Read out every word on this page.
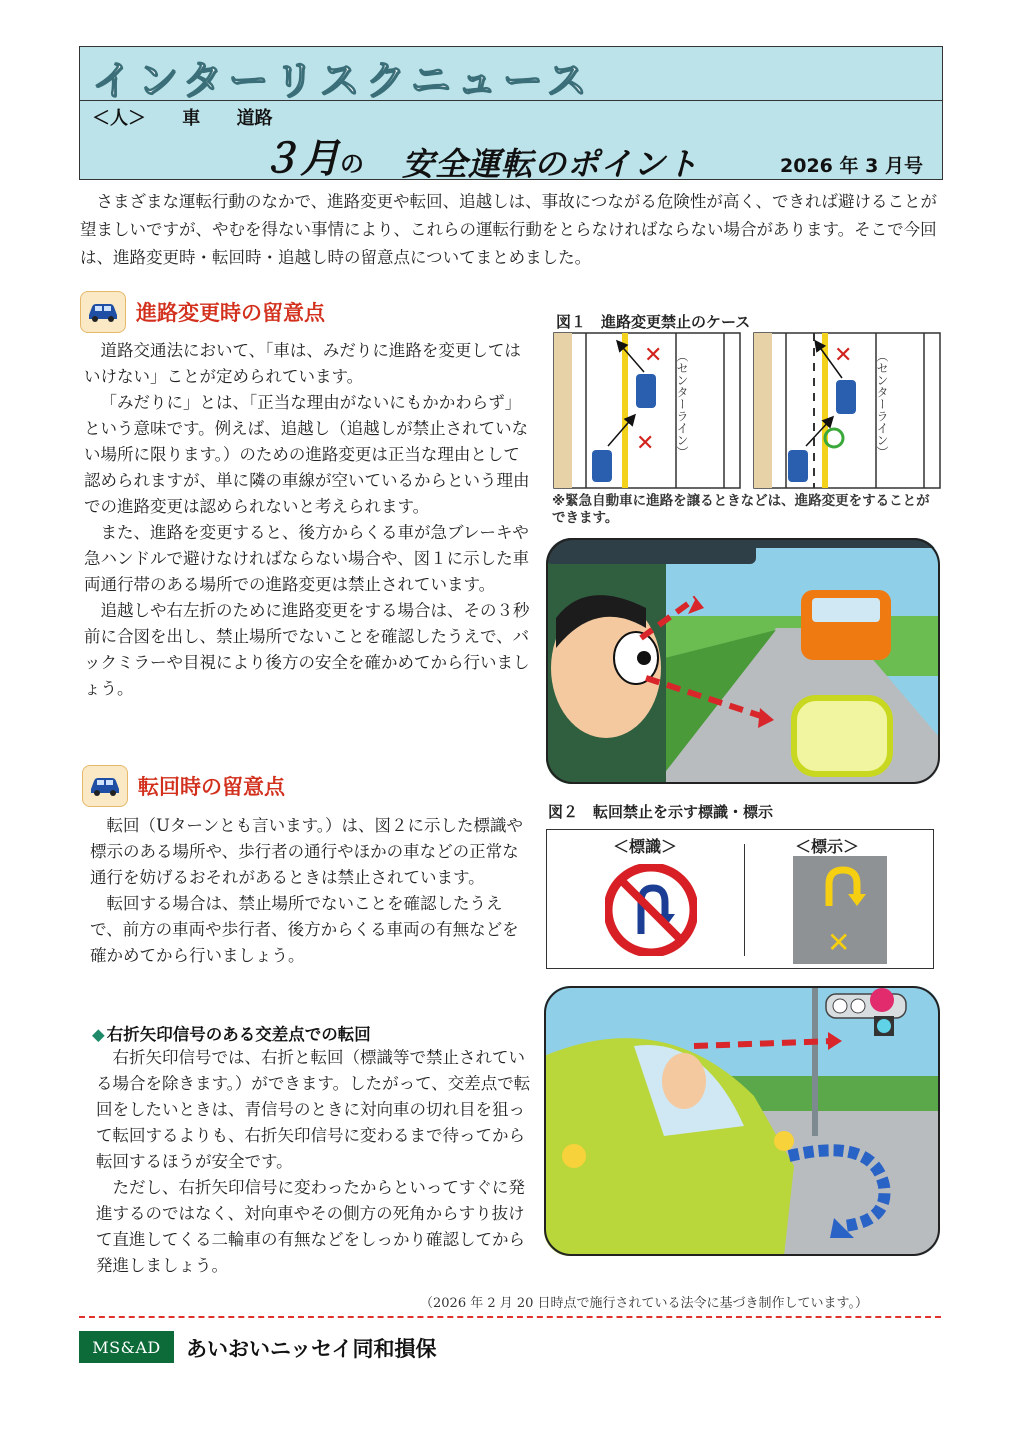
インターリスクニュース
＜人＞ 車 道路
３月の 安全運転のポイント	2026 年 3 月号
さまざまな運転行動のなかで、進路変更や転回、追越しは、事故につながる危険性が高く、できれば避けることが望ましいですが、やむを得ない事情により、これらの運転行動をとらなければならない場合があります。そこで今回は、進路変更時・転回時・追越し時の留意点についてまとめました。
進路変更時の留意点

道路交通法において、「車は、みだりに進路を変更してはいけない」ことが定められています。

「みだりに」とは、「正当な理由がないにもかかわらず」という意味です。例えば、追越し（追越しが禁止されていない場所に限ります。）のための進路変更は正当な理由として認められますが、単に隣の車線が空いているからという理由での進路変更は認められないと考えられます。

また、進路を変更すると、後方からくる車が急ブレーキや急ハンドルで避けなければならない場合や、図１に示した車両通行帯のある場所での進路変更は禁止されています。

追越しや右左折のために進路変更をする場合は、その３秒前に合図を出し、禁止場所でないことを確認したうえで、バックミラーや目視により後方の安全を確かめてから行いましょう。

転回時の留意点

転回（Uターンとも言います。）は、図２に示した標識や標示のある場所や、歩行者の通行やほかの車などの正常な通行を妨げるおそれがあるときは禁止されています。

転回する場合は、禁止場所でないことを確認したうえで、前方の車両や歩行者、後方からくる車両の有無などを確かめてから行いましょう。

◆ 右折矢印信号のある交差点での転回

右折矢印信号では、右折と転回（標識等で禁止されている場合を除きます。）ができます。したがって、交差点で転回をしたいときは、青信号のときに対向車の切れ目を狙って転回するよりも、右折矢印信号に変わるまで待ってから転回するほうが安全です。

ただし、右折矢印信号に変わったからといってすぐに発進するのではなく、対向車やその側方の死角からすり抜けて直進してくる二輪車の有無などをしっかり確認してから発進しましょう。

図１　進路変更禁止のケース
✕
✕ （センターライン）	✕ （センターライン）
※緊急自動車に進路を譲るときなどは、進路変更をすることができます。
図２　転回禁止を示す標識・標示
＜標識＞	＜標示＞
✕
（2026 年 2 月 20 日時点で施行されている法令に基づき制作しています。）
MS&AD	あいおいニッセイ同和損保
